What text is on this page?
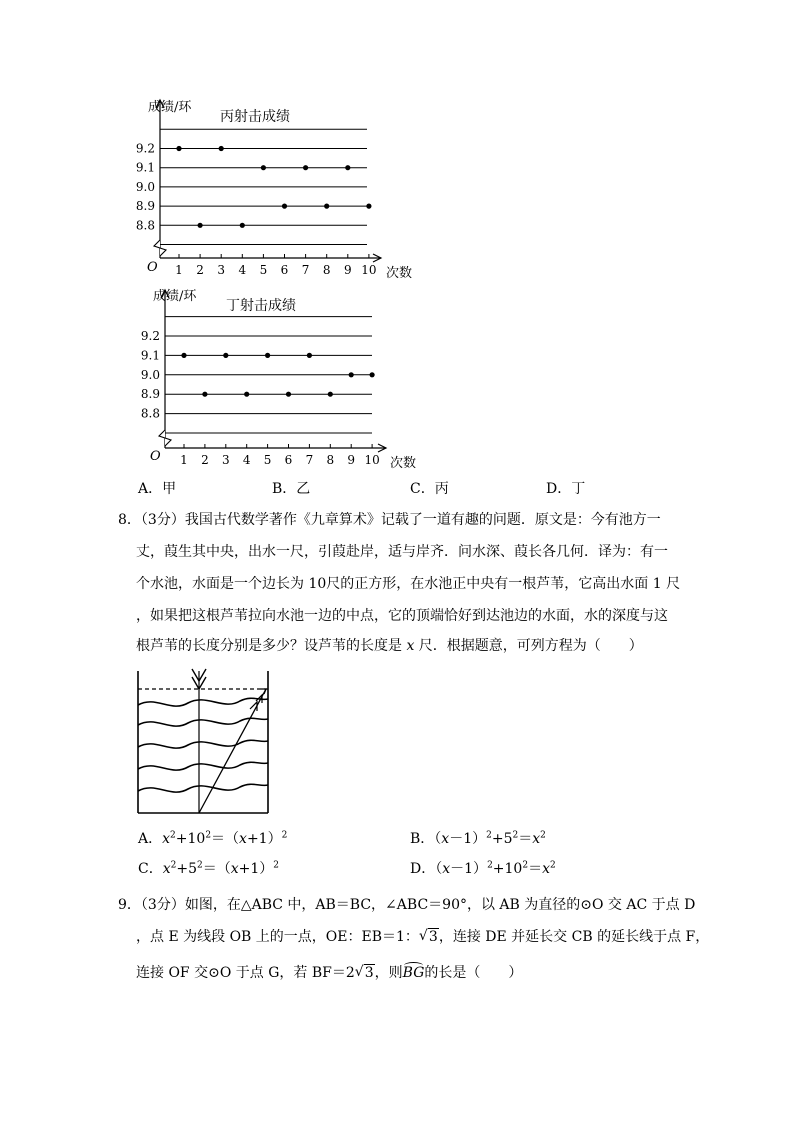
9.2
9.1
9.0
8.9
8.8
1 2 3 4 5 6 7 8 9 10
成绩/环
丙射击成绩
次数
O
9.2
9.1
9.0
8.9
8.8
1 2 3 4 5 6 7 8 9 10
成绩/环
丁射击成绩
次数
O
A．甲	B．乙	C．丙	D．丁
8．（3分）我国古代数学著作《九章算术》记载了一道有趣的问题．原文是：今有池方一
丈，葭生其中央，出水一尺，引葭赴岸，适与岸齐．问水深、葭长各几何．译为：有一
个水池，水面是一个边长为 10尺的正方形，在水池正中央有一根芦苇，它高出水面 1 尺
，如果把这根芦苇拉向水池一边的中点，它的顶端恰好到达池边的水面，水的深度与这
根芦苇的长度分别是多少？设芦苇的长度是 x 尺．根据题意，可列方程为（　　）
A．$x^2+10^2=(x+1)^2$	B．$(x-1)^2+5^2=x^2$
C．$x^2+5^2=(x+1)^2$	D．$(x-1)^2+10^2=x^2$
9．（3分）如图，在△ABC 中，AB＝BC，∠ABC＝90°，以 AB 为直径的⊙O 交 AC 于点 D
，点 E 为线段 OB 上的一点，OE：EB＝1： √ 3，连接 DE 并延长交 CB 的延长线于点 F，
连接 OF 交⊙O 于点 G，若 BF＝2 √ 3，则BG的长是（　　）
